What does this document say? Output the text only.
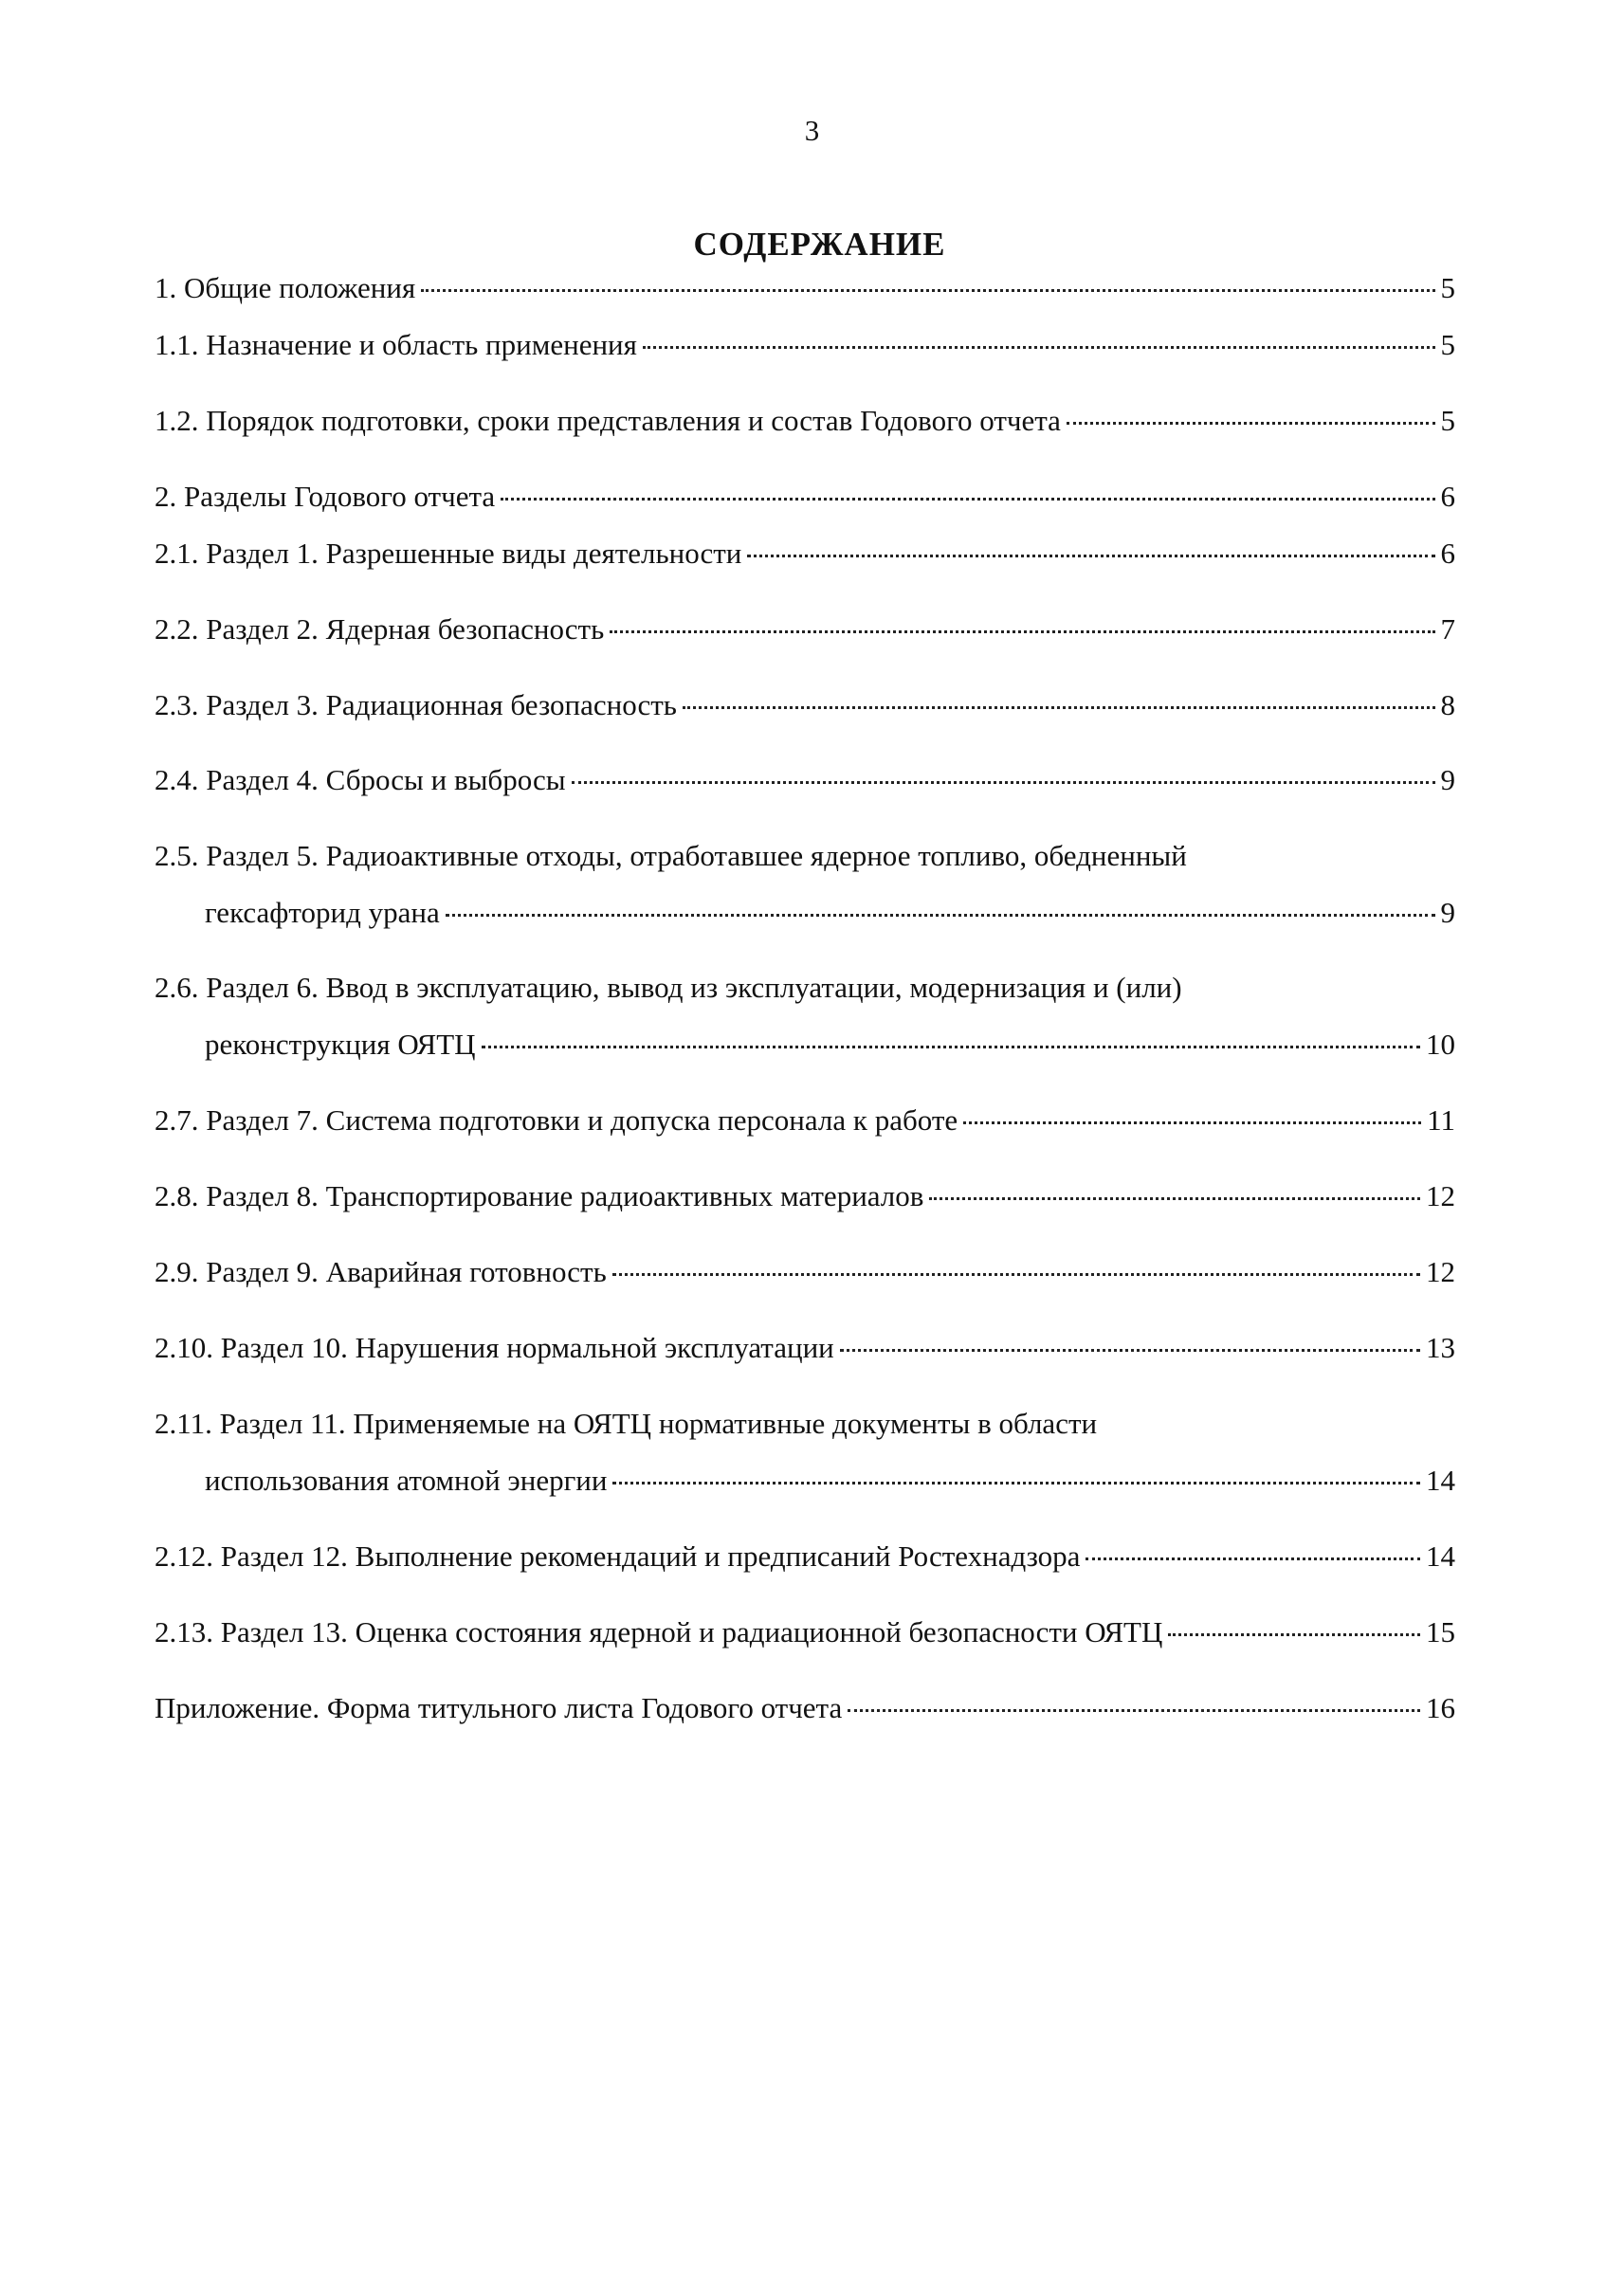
3
СОДЕРЖАНИЕ
1. Общие положения	5
1.1. Назначение и область применения	5
1.2. Порядок подготовки, сроки представления и состав Годового отчета	5
2. Разделы Годового отчета	6
2.1. Раздел 1. Разрешенные виды деятельности	6
2.2. Раздел 2. Ядерная безопасность	7
2.3. Раздел 3. Радиационная безопасность	8
2.4. Раздел 4. Сбросы и выбросы	9
2.5. Раздел 5. Радиоактивные отходы, отработавшее ядерное топливо, обедненный
гексафторид урана	9
2.6. Раздел 6. Ввод в эксплуатацию, вывод из эксплуатации, модернизация и (или)
реконструкция ОЯТЦ	10
2.7. Раздел 7. Система подготовки и допуска персонала к работе	11
2.8. Раздел 8. Транспортирование радиоактивных материалов	12
2.9. Раздел 9. Аварийная готовность	12
2.10. Раздел 10. Нарушения нормальной эксплуатации	13
2.11. Раздел 11. Применяемые на ОЯТЦ нормативные документы в области
использования атомной энергии	14
2.12. Раздел 12. Выполнение рекомендаций и предписаний Ростехнадзора	14
2.13. Раздел 13. Оценка состояния ядерной и радиационной безопасности ОЯТЦ	15
Приложение. Форма титульного листа Годового отчета	16
